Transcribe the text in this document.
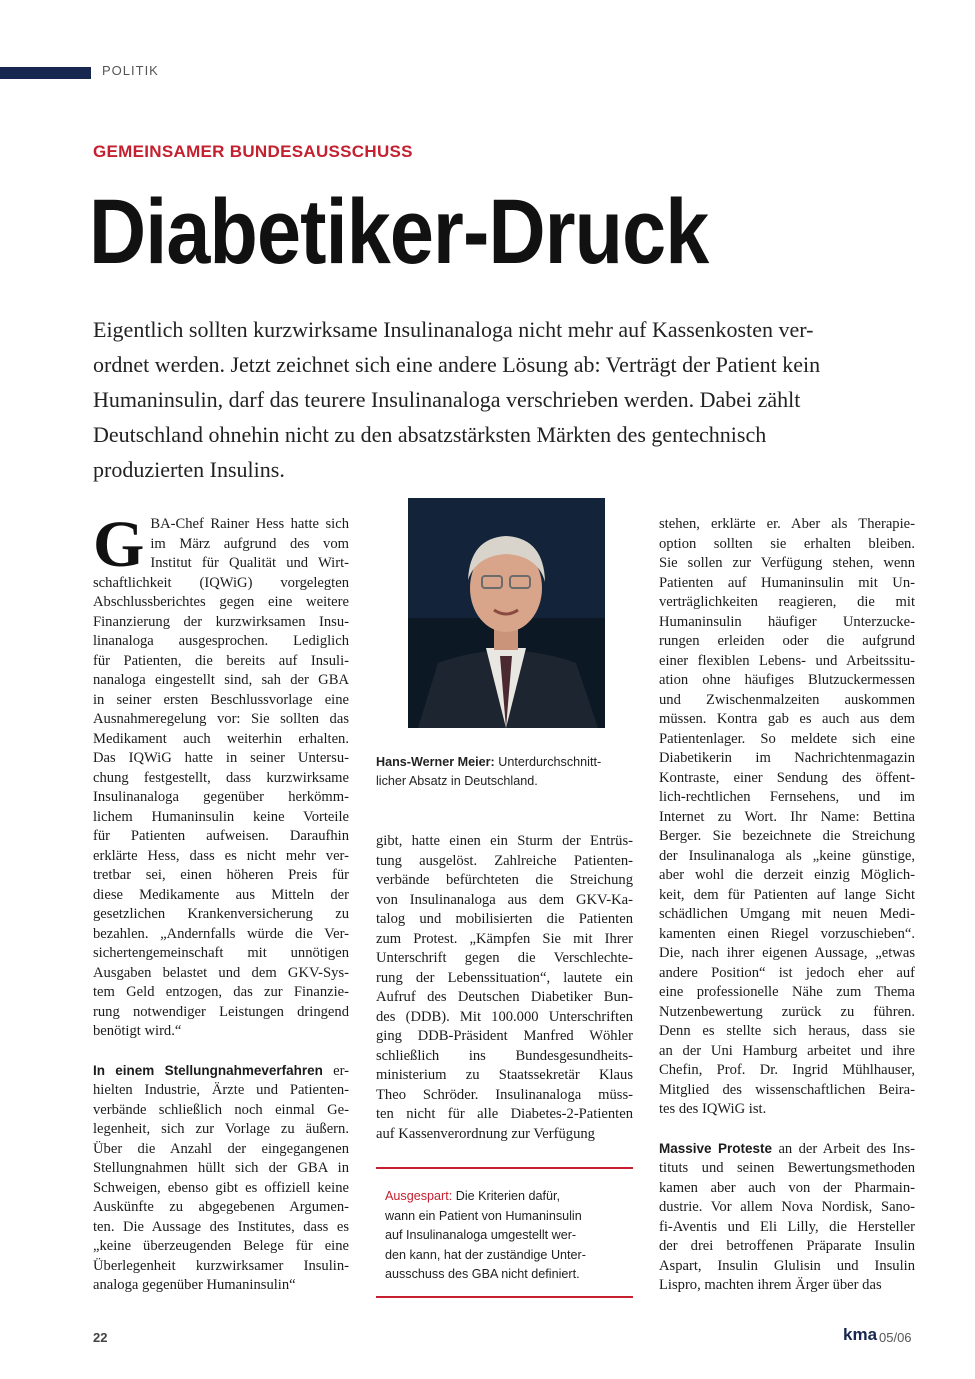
POLITIK
GEMEINSAMER BUNDESAUSSCHUSS
Diabetiker-Druck
Eigentlich sollten kurzwirksame Insulinanaloga nicht mehr auf Kassenkosten ver-
ordnet werden. Jetzt zeichnet sich eine andere Lösung ab: Verträgt der Patient kein
Humaninsulin, darf das teurere Insulinanaloga verschrieben werden. Dabei zählt
Deutschland ohnehin nicht zu den absatzstärksten Märkten des gentechnisch
produzierten Insulins.
G BA-Chef Rainer Hess hatte sich
im März aufgrund des vom
Institut für Qualität und Wirt-
schaftlichkeit (IQWiG) vorgelegten
Abschlussberichtes gegen eine weitere
Finanzierung der kurzwirksamen Insu-
linanaloga ausgesprochen. Lediglich
für Patienten, die bereits auf Insuli-
nanaloga eingestellt sind, sah der GBA
in seiner ersten Beschlussvorlage eine
Ausnahmeregelung vor: Sie sollten das
Medikament auch weiterhin erhalten.
Das IQWiG hatte in seiner Untersu-
chung festgestellt, dass kurzwirksame
Insulinanaloga gegenüber herkömm-
lichem Humaninsulin keine Vorteile
für Patienten aufweisen. Daraufhin
erklärte Hess, dass es nicht mehr ver-
tretbar sei, einen höheren Preis für
diese Medikamente aus Mitteln der
gesetzlichen Krankenversicherung zu
bezahlen. „Andernfalls würde die Ver-
sichertengemeinschaft mit unnötigen
Ausgaben belastet und dem GKV-Sys-
tem Geld entzogen, das zur Finanzie-
rung notwendiger Leistungen dringend
benötigt wird.“
In einem Stellungnahmeverfahren er-
hielten Industrie, Ärzte und Patienten-
verbände schließlich noch einmal Ge-
legenheit, sich zur Vorlage zu äußern.
Über die Anzahl der eingegangenen
Stellungnahmen hüllt sich der GBA in
Schweigen, ebenso gibt es offiziell keine
Auskünfte zu abgegebenen Argumen-
ten. Die Aussage des Institutes, dass es
„keine überzeugenden Belege für eine
Überlegenheit kurzwirksamer Insulin-
analoga gegenüber Humaninsulin“
Hans-Werner Meier: Unterdurchschnitt-
licher Absatz in Deutschland.
gibt, hatte einen ein Sturm der Entrüs-
tung ausgelöst. Zahlreiche Patienten-
verbände befürchteten die Streichung
von Insulinanaloga aus dem GKV-Ka-
talog und mobilisierten die Patienten
zum Protest. „Kämpfen Sie mit Ihrer
Unterschrift gegen die Verschlechte-
rung der Lebenssituation“, lautete ein
Aufruf des Deutschen Diabetiker Bun-
des (DDB). Mit 100.000 Unterschriften
ging DDB-Präsident Manfred Wöhler
schließlich ins Bundesgesundheits-
ministerium zu Staatssekretär Klaus
Theo Schröder. Insulinanaloga müss-
ten nicht für alle Diabetes-2-Patienten
auf Kassenverordnung zur Verfügung
Ausgespart: Die Kriterien dafür,
wann ein Patient von Humaninsulin
auf Insulinanaloga umgestellt wer-
den kann, hat der zuständige Unter-
ausschuss des GBA nicht definiert.
stehen, erklärte er. Aber als Therapie-
option sollten sie erhalten bleiben.
Sie sollen zur Verfügung stehen, wenn
Patienten auf Humaninsulin mit Un-
verträglichkeiten reagieren, die mit
Humaninsulin häufiger Unterzucke-
rungen erleiden oder die aufgrund
einer flexiblen Lebens- und Arbeitssitu-
ation ohne häufiges Blutzuckermessen
und Zwischenmalzeiten auskommen
müssen. Kontra gab es auch aus dem
Patientenlager. So meldete sich eine
Diabetikerin im Nachrichtenmagazin
Kontraste, einer Sendung des öffent-
lich-rechtlichen Fernsehens, und im
Internet zu Wort. Ihr Name: Bettina
Berger. Sie bezeichnete die Streichung
der Insulinanaloga als „keine günstige,
aber wohl die derzeit einzig Möglich-
keit, dem für Patienten auf lange Sicht
schädlichen Umgang mit neuen Medi-
kamenten einen Riegel vorzuschieben“.
Die, nach ihrer eigenen Aussage, „etwas
andere Position“ ist jedoch eher auf
eine professionelle Nähe zum Thema
Nutzenbewertung zurück zu führen.
Denn es stellte sich heraus, dass sie
an der Uni Hamburg arbeitet und ihre
Chefin, Prof. Dr. Ingrid Mühlhauser,
Mitglied des wissenschaftlichen Beira-
tes des IQWiG ist.
Massive Proteste an der Arbeit des Ins-
tituts und seinen Bewertungsmethoden
kamen aber auch von der Pharmain-
dustrie. Vor allem Nova Nordisk, Sano-
fi-Aventis und Eli Lilly, die Hersteller
der drei betroffenen Präparate Insulin
Aspart, Insulin Glulisin und Insulin
Lispro, machten ihrem Ärger über das
22	kma 05/06
